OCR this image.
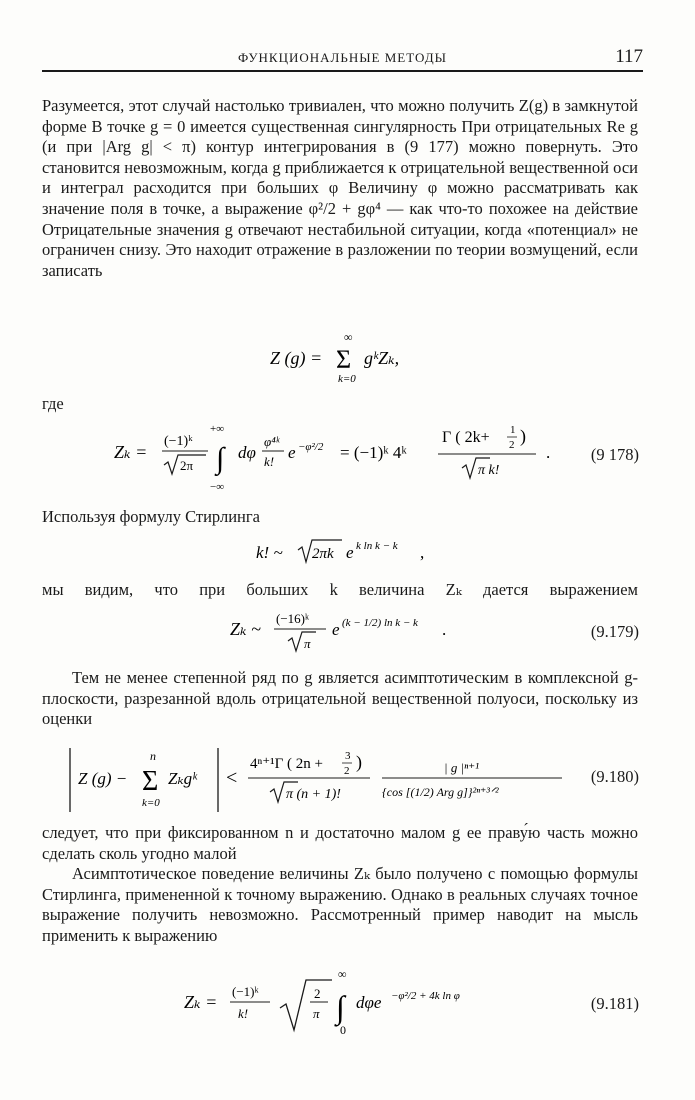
ФУНКЦИОНАЛЬНЫЕ МЕТОДЫ	117

Разумеется, этот случай настолько тривиален, что можно получить Z(g) в замкнутой форме В точке g = 0 имеется существенная сингулярность При отрицательных Re g (и при |Arg g| < π) контур интегрирования в (9 177) можно повернуть. Это становится невозможным, когда g приближается к отрицательной вещественной оси и интеграл расходится при больших φ Величину φ можно рассматривать как значение поля в точке, а выражение φ²/2 + gφ⁴ — как что-то похожее на действие Отрицательные значения g отвечают нестабильной ситуации, когда «потенциал» не ограничен снизу. Это находит отражение в разложении по теории возмущений, если записать

Z (g) =
∞
Σ
k=0
gᵏZₖ,
где
Zₖ =
(−1)ᵏ
2π
+∞
∫
−∞
dφ
φ⁴ᵏ
k! e −φ²/2 = (−1)ᵏ 4ᵏ
Γ ( 2k+ 1
2 )
π k!
. (9 178)
Используя формулу Стирлинга
k! ~ 2πk e k ln k − k ,
мы видим, что при больших k величина Zₖ дается выражением
Zₖ ~
(−16)ᵏ
π
e (k − 1/2) ln k − k .	(9.179)

Тем не менее степенной ряд по g является асимптотическим в комплексной g-плоскости, разрезанной вдоль отрицательной вещественной полуоси, поскольку из оценки

Z (g) −
n
Σ
k=0
Zₖgᵏ <
4ⁿ⁺¹Γ ( 2n + 3
2 )
π (n + 1)!
| g |ⁿ⁺¹
{cos [(1/2) Arg g]}²ⁿ⁺³ᐟ²
(9.180)

следует, что при фиксированном n и достаточно малом g ее праву́ю часть можно сделать сколь угодно малой

Асимптотическое поведение величины Zₖ было получено с помощью формулы Стирлинга, примененной к точному выражению. Однако в реальных случаях точное выражение получить невозможно. Рассмотренный пример наводит на мысль применить к выражению

Zₖ =
(−1)ᵏ
k!
2
π
∞
∫
0
dφe −φ²/2 + 4k ln φ	(9.181)
